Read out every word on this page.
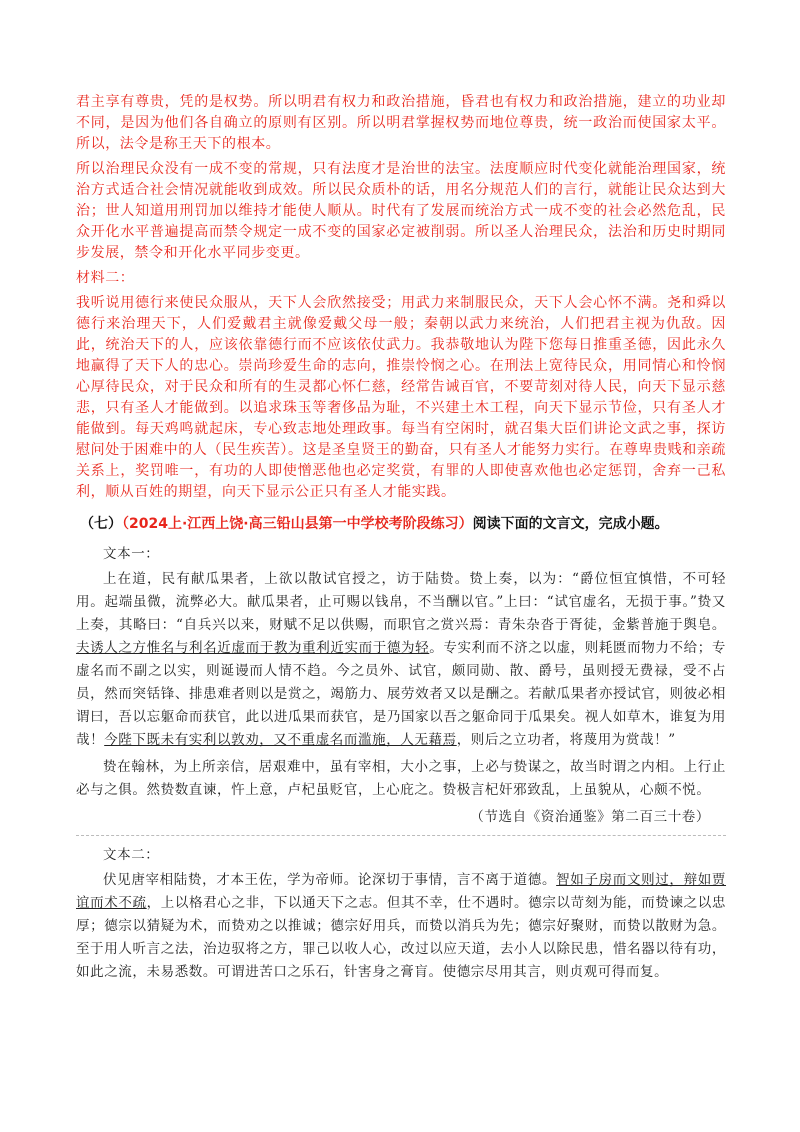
君主享有尊贵，凭的是权势。所以明君有权力和政治措施，昏君也有权力和政治措施，建立的功业却不同，是因为他们各自确立的原则有区别。所以明君掌握权势而地位尊贵，统一政治而使国家太平。所以，法令是称王天下的根本。

所以治理民众没有一成不变的常规，只有法度才是治世的法宝。法度顺应时代变化就能治理国家，统治方式适合社会情况就能收到成效。所以民众质朴的话，用名分规范人们的言行，就能让民众达到大治；世人知道用刑罚加以维持才能使人顺从。时代有了发展而统治方式一成不变的社会必然危乱，民众开化水平普遍提高而禁令规定一成不变的国家必定被削弱。所以圣人治理民众，法治和历史时期同步发展，禁令和开化水平同步变更。

材料二：

我听说用德行来使民众服从，天下人会欣然接受；用武力来制服民众，天下人会心怀不满。尧和舜以德行来治理天下，人们爱戴君主就像爱戴父母一般；秦朝以武力来统治，人们把君主视为仇敌。因此，统治天下的人，应该依靠德行而不应该依仗武力。我恭敬地认为陛下您每日推重圣德，因此永久地赢得了天下人的忠心。崇尚珍爱生命的志向，推崇怜悯之心。在刑法上宽待民众，用同情心和怜悯心厚待民众，对于民众和所有的生灵都心怀仁慈，经常告诫百官，不要苛刻对待人民，向天下显示慈悲，只有圣人才能做到。以追求珠玉等奢侈品为耻，不兴建土木工程，向天下显示节俭，只有圣人才能做到。每天鸡鸣就起床，专心致志地处理政事。每当有空闲时，就召集大臣们讲论文武之事，探访慰问处于困难中的人（民生疾苦）。这是圣皇贤王的勤奋，只有圣人才能努力实行。在尊卑贵贱和亲疏关系上，奖罚唯一，有功的人即使憎恶他也必定奖赏，有罪的人即使喜欢他也必定惩罚，舍弃一己私利，顺从百姓的期望，向天下显示公正只有圣人才能实践。

（七）（2024上·江西上饶·高三铅山县第一中学校考阶段练习）阅读下面的文言文，完成小题。

文本一：

上在道，民有献瓜果者，上欲以散试官授之，访于陆贽。贽上奏，以为：“爵位恒宜慎惜，不可轻用。起端虽微，流弊必大。献瓜果者，止可赐以钱帛，不当酬以官。”上曰：“试官虚名，无损于事。”贽又上奏，其略曰：“自兵兴以来，财赋不足以供赐，而职官之赏兴焉：青朱杂沓于胥徒，金紫普施于舆皂。夫诱人之方惟名与利名近虚而于教为重利近实而于德为轻。专实利而不济之以虚，则耗匮而物力不给；专虚名而不副之以实，则诞谩而人情不趋。今之员外、试官，颇同勋、散、爵号，虽则授无费禄，受不占员，然而突铦锋、排患难者则以是赏之，竭筋力、展劳效者又以是酬之。若献瓜果者亦授试官，则彼必相谓曰，吾以忘躯命而获官，此以进瓜果而获官，是乃国家以吾之躯命同于瓜果矣。视人如草木，谁复为用哉！今陛下既未有实利以敦劝，又不重虚名而滥施，人无藉焉，则后之立功者，将蔑用为赏哉！”

贽在翰林，为上所亲信，居艰难中，虽有宰相，大小之事，上必与贽谋之，故当时谓之内相。上行止必与之俱。然贽数直谏，忤上意，卢杞虽贬官，上心庇之。贽极言杞奸邪致乱，上虽貌从，心颇不悦。

（节选自《资治通鉴》第二百三十卷）

文本二：

伏见唐宰相陆贽，才本王佐，学为帝师。论深切于事情，言不离于道德。智如子房而文则过，辩如贾谊而术不疏，上以格君心之非，下以通天下之志。但其不幸，仕不遇时。德宗以苛刻为能，而贽谏之以忠厚；德宗以猜疑为术，而贽劝之以推诚；德宗好用兵，而贽以消兵为先；德宗好聚财，而贽以散财为急。至于用人听言之法，治边驭将之方，罪己以收人心，改过以应天道，去小人以除民患，惜名器以待有功，如此之流，未易悉数。可谓进苦口之乐石，针害身之膏肓。使德宗尽用其言，则贞观可得而复。
